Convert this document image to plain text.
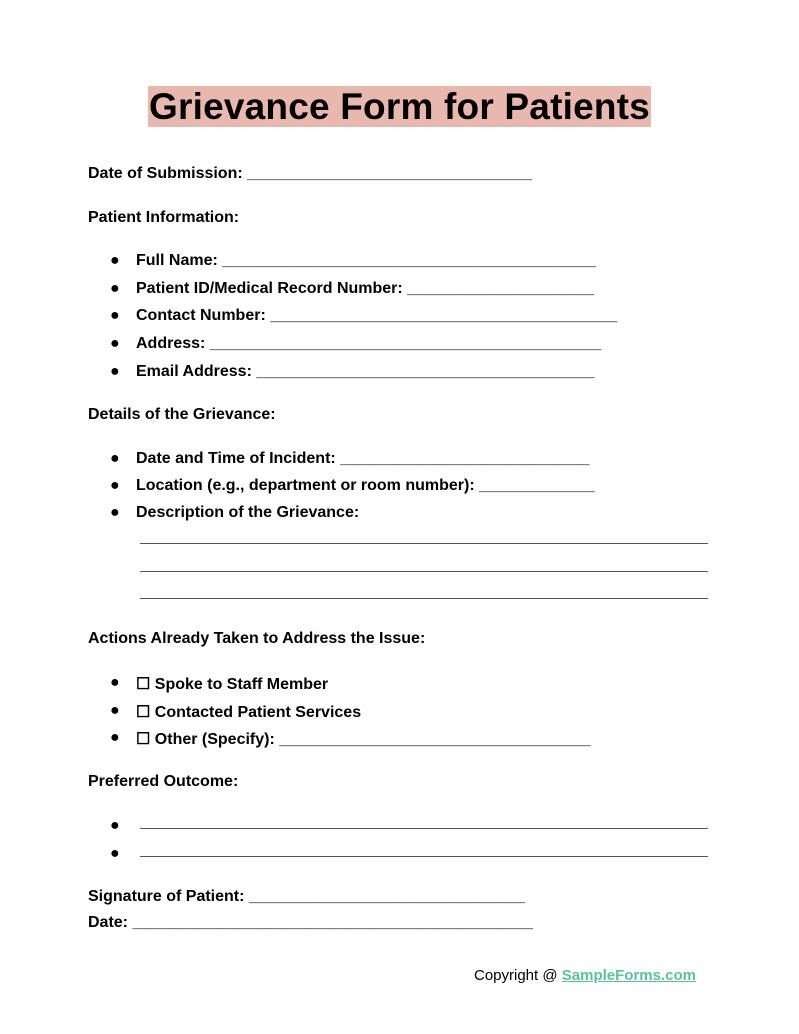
Grievance Form for Patients
Date of Submission: ________________________________
Patient Information:
● Full Name: __________________________________________
● Patient ID/Medical Record Number: _____________________
● Contact Number: _______________________________________
● Address: ____________________________________________
● Email Address: ______________________________________
Details of the Grievance:
● Date and Time of Incident: ____________________________
● Location (e.g., department or room number): _____________
● Description of the Grievance:
Actions Already Taken to Address the Issue:
● ☐ Spoke to Staff Member
● ☐ Contacted Patient Services
● ☐ Other (Specify): ___________________________________
Preferred Outcome:
●
●
Signature of Patient: _______________________________
Date: _____________________________________________
Copyright @ SampleForms.com
